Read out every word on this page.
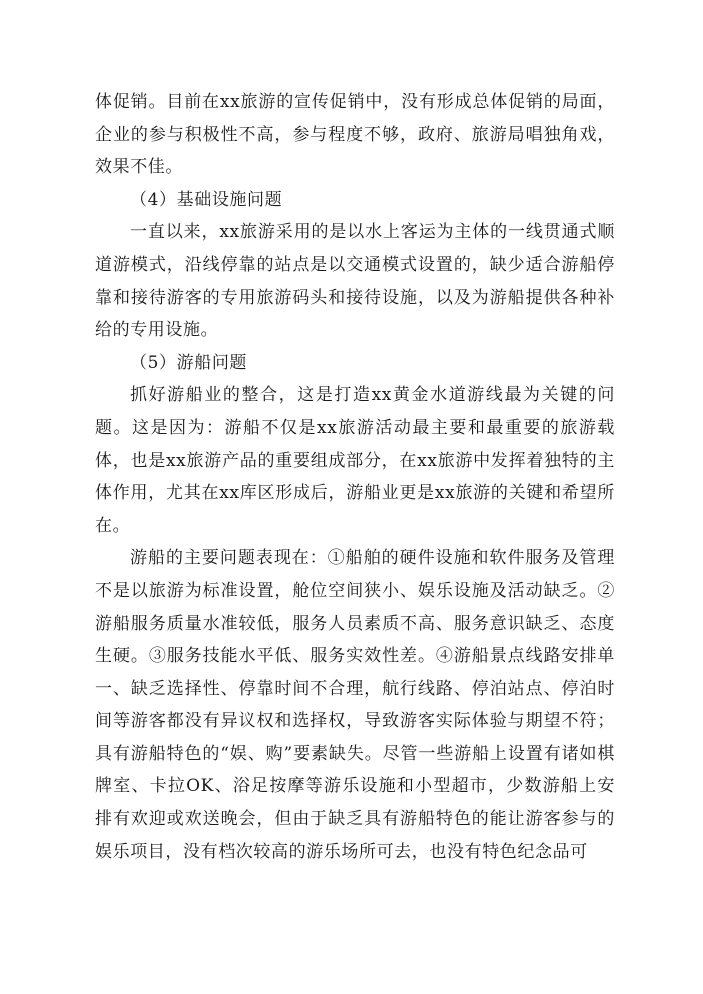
体促销。目前在xx旅游的宣传促销中，没有形成总体促销的局面，企业的参与积极性不高，参与程度不够，政府、旅游局唱独角戏，效果不佳。

（4）基础设施问题

一直以来，xx旅游采用的是以水上客运为主体的一线贯通式顺道游模式，沿线停靠的站点是以交通模式设置的，缺少适合游船停靠和接待游客的专用旅游码头和接待设施，以及为游船提供各种补给的专用设施。

（5）游船问题

抓好游船业的整合，这是打造xx黄金水道游线最为关键的问题。这是因为：游船不仅是xx旅游活动最主要和最重要的旅游载体，也是xx旅游产品的重要组成部分，在xx旅游中发挥着独特的主体作用，尤其在xx库区形成后，游船业更是xx旅游的关键和希望所在。

游船的主要问题表现在：①船舶的硬件设施和软件服务及管理不是以旅游为标准设置，舱位空间狭小、娱乐设施及活动缺乏。②游船服务质量水准较低，服务人员素质不高、服务意识缺乏、态度生硬。③服务技能水平低、服务实效性差。④游船景点线路安排单一、缺乏选择性、停靠时间不合理，航行线路、停泊站点、停泊时间等游客都没有异议权和选择权，导致游客实际体验与期望不符；具有游船特色的“娱、购”要素缺失。尽管一些游船上设置有诸如棋牌室、卡拉OK、浴足按摩等游乐设施和小型超市，少数游船上安排有欢迎或欢送晚会，但由于缺乏具有游船特色的能让游客参与的娱乐项目，没有档次较高的游乐场所可去，也没有特色纪念品可
